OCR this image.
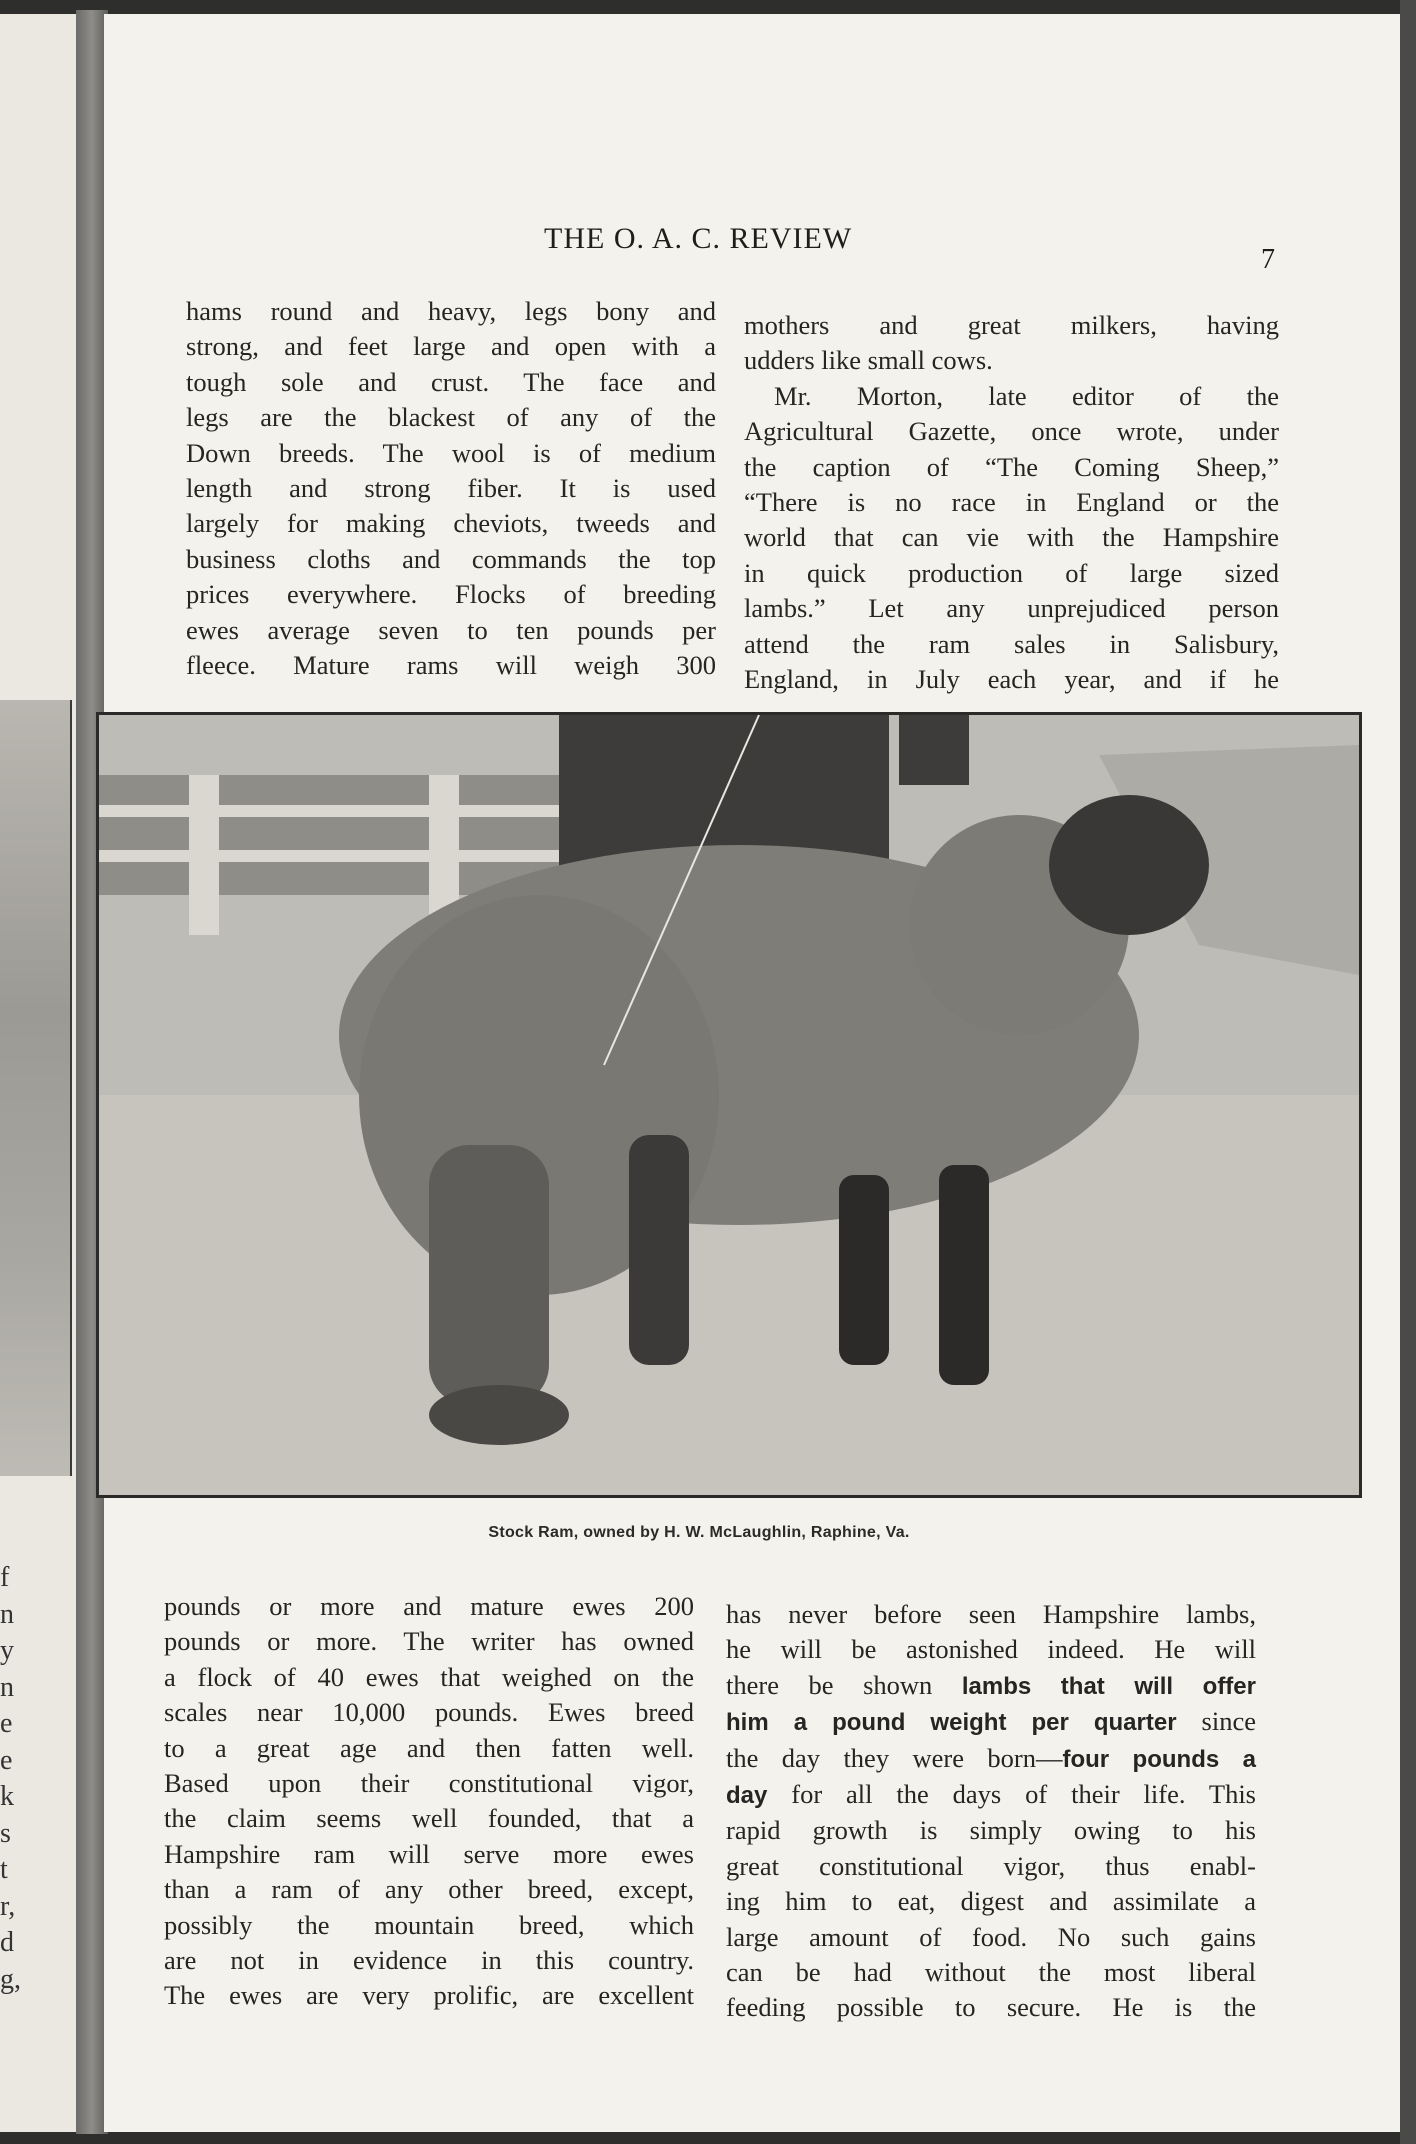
f
n
y
n
e
e
k
s
t
r,
d
g,
THE O. A. C. REVIEW
7
hams round and heavy, legs bony and
strong, and feet large and open with a
tough sole and crust. The face and
legs are the blackest of any of the
Down breeds. The wool is of medium
length and strong fiber. It is used
largely for making cheviots, tweeds and
business cloths and commands the top
prices everywhere. Flocks of breeding
ewes average seven to ten pounds per
fleece. Mature rams will weigh 300
mothers and great milkers, having
udders like small cows.
Mr. Morton, late editor of the
Agricultural Gazette, once wrote, under
the caption of “The Coming Sheep,”
“There is no race in England or the
world that can vie with the Hampshire
in quick production of large sized
lambs.” Let any unprejudiced person
attend the ram sales in Salisbury,
England, in July each year, and if he
Stock Ram, owned by H. W. McLaughlin, Raphine, Va.
pounds or more and mature ewes 200
pounds or more. The writer has owned
a flock of 40 ewes that weighed on the
scales near 10,000 pounds. Ewes breed
to a great age and then fatten well.
Based upon their constitutional vigor,
the claim seems well founded, that a
Hampshire ram will serve more ewes
than a ram of any other breed, except,
possibly the mountain breed, which
are not in evidence in this country.
The ewes are very prolific, are excellent
has never before seen Hampshire lambs,
he will be astonished indeed. He will
there be shown lambs that will offer
him a pound weight per quarter since
the day they were born—four pounds a
day for all the days of their life. This
rapid growth is simply owing to his
great constitutional vigor, thus enabl-
ing him to eat, digest and assimilate a
large amount of food. No such gains
can be had without the most liberal
feeding possible to secure. He is the
